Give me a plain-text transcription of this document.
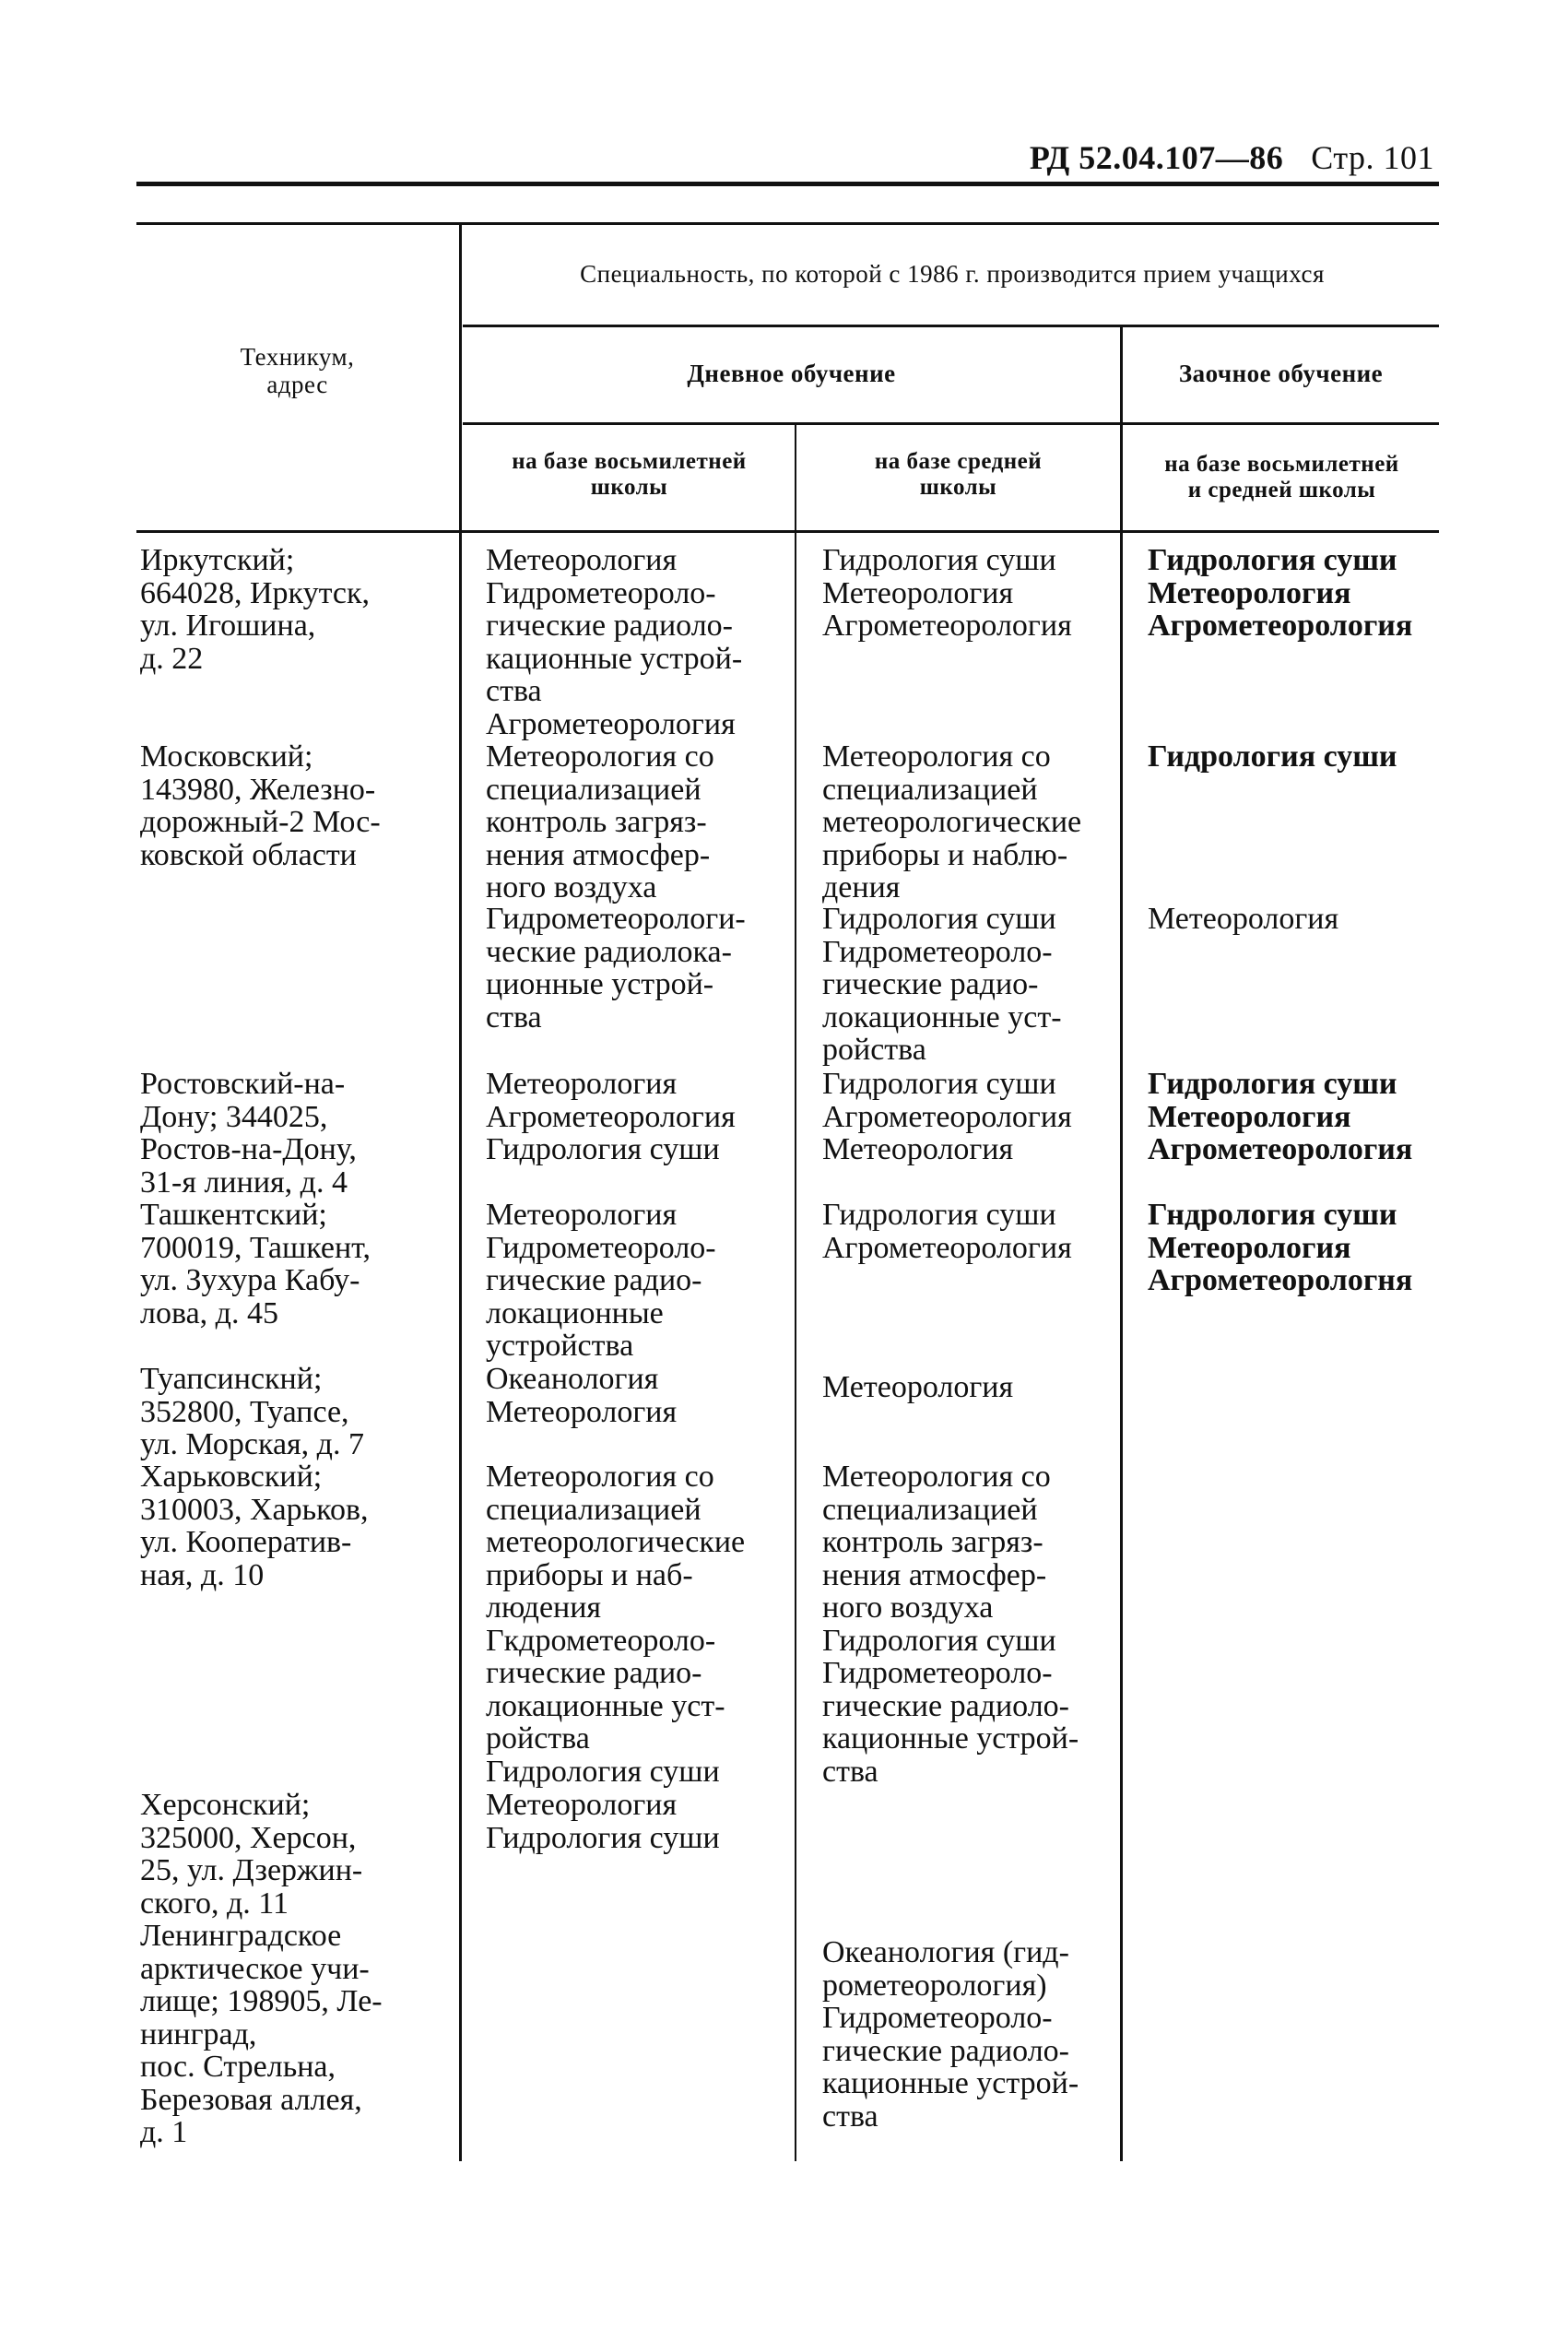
РД 52.04.107—86 Стр. 101
Техникум,
адрес
Специальность, по которой с 1986 г. производится прием учащихся
Дневное обучение	Заочное обучение
на базе восьмилетней
школы
на базе средней
школы
на базе восьмилетней
и средней школы
Иркутский;
664028, Иркутск,
ул. Игошина,
д. 22
Метеорология
Гидрометеороло-
гические радиоло-
кационные устрой-
ства
Агрометеорология
Гидрология суши
Метеорология
Агрометеорология
Гидрология суши
Метеорология
Агрометеорология
Московский;
143980, Железно-
дорожный-2 Мос-
ковской области
Метеорология со
специализацией
контроль загряз-
нения атмосфер-
ного воздуха
Метеорология со
специализацией
метеорологические
приборы и наблю-
дения
Гидрология суши
Гидрометеорологи-
ческие радиолока-
ционные устрой-
ства
Гидрология суши
Гидрометеороло-
гические радио-
локационные уст-
ройства
Метеорология
Ростовский-на-
Дону; 344025,
Ростов-на-Дону,
31-я линия, д. 4
Метеорология
Агрометеорология
Гидрология суши
Гидрология суши
Агрометеорология
Метеорология
Гидрология суши
Метеорология
Агрометеорология
Ташкентский;
700019, Ташкент,
ул. Зухура Кабу-
лова, д. 45
Метеорология
Гидрометеороло-
гические радио-
локационные
устройства
Гидрология суши
Агрометеорология
Гндрология суши
Метеорология
Агрометеорологня
Туапсинскнй;
352800, Туапсе,
ул. Морская, д. 7
Океанология
Метеорология
Метеорология
Харьковский;
310003, Харьков,
ул. Кооператив-
ная, д. 10
Метеорология со
специализацией
метеорологические
приборы и наб-
людения
Гкдрометеороло-
гические радио-
локационные уст-
ройства
Гидрология суши
Метеорология со
специализацией
контроль загряз-
нения атмосфер-
ного воздуха
Гидрология суши
Гидрометеороло-
гические радиоло-
кационные устрой-
ства
Херсонский;
325000, Херсон,
25, ул. Дзержин-
ского, д. 11
Метеорология
Гидрология суши
Ленинградское
арктическое учи-
лище; 198905, Ле-
нинград,
пос. Стрельна,
Березовая аллея,
д. 1
Океанология (гид-
рометеорология)
Гидрометеороло-
гические радиоло-
кационные устрой-
ства
